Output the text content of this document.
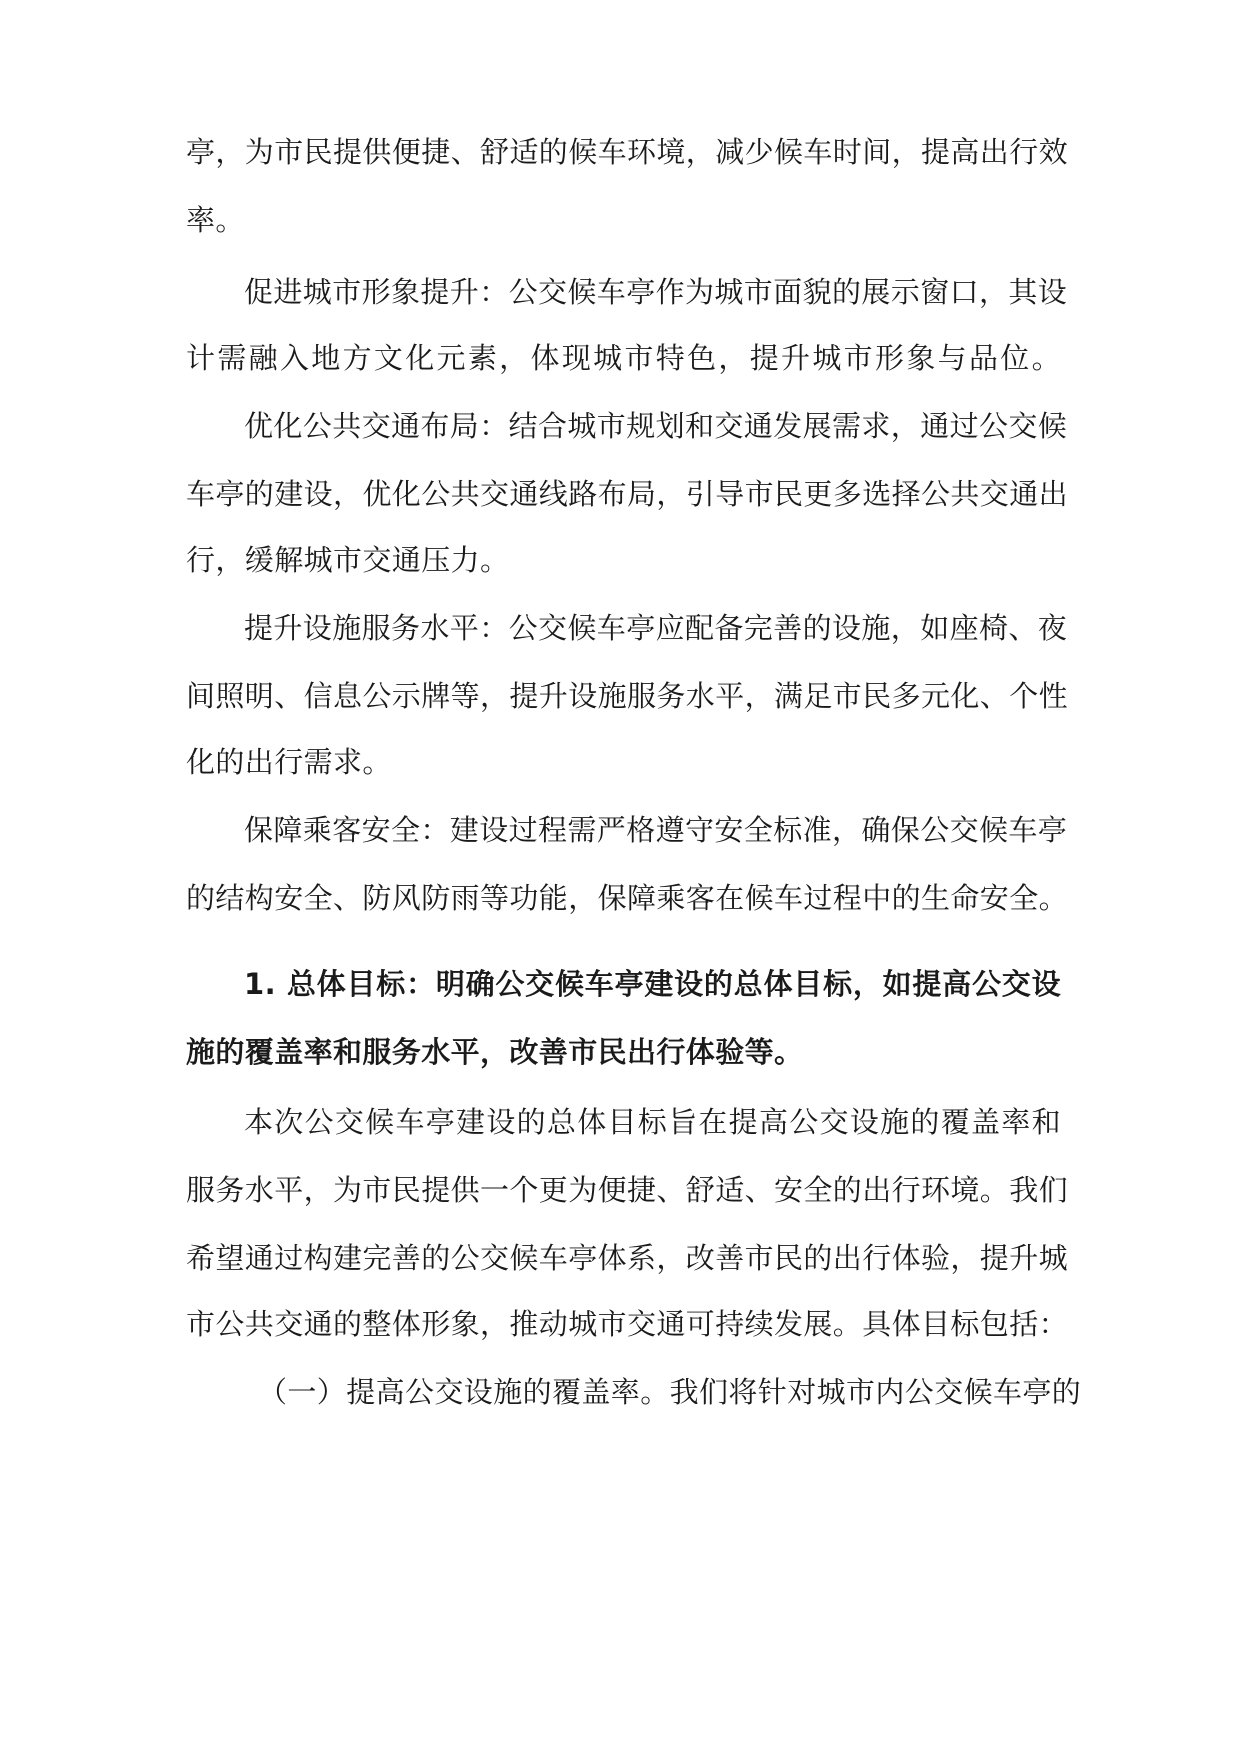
亭，为市民提供便捷、舒适的候车环境，减少候车时间，提高出行效
率。
促进城市形象提升：公交候车亭作为城市面貌的展示窗口，其设
计需融入地方文化元素，体现城市特色，提升城市形象与品位。
优化公共交通布局：结合城市规划和交通发展需求，通过公交候
车亭的建设，优化公共交通线路布局，引导市民更多选择公共交通出
行，缓解城市交通压力。
提升设施服务水平：公交候车亭应配备完善的设施，如座椅、夜
间照明、信息公示牌等，提升设施服务水平，满足市民多元化、个性
化的出行需求。
保障乘客安全：建设过程需严格遵守安全标准，确保公交候车亭
的结构安全、防风防雨等功能，保障乘客在候车过程中的生命安全。
1. 总体目标：明确公交候车亭建设的总体目标，如提高公交设
施的覆盖率和服务水平，改善市民出行体验等。
本次公交候车亭建设的总体目标旨在提高公交设施的覆盖率和
服务水平，为市民提供一个更为便捷、舒适、安全的出行环境。我们
希望通过构建完善的公交候车亭体系，改善市民的出行体验，提升城
市公共交通的整体形象，推动城市交通可持续发展。具体目标包括：
（一）提高公交设施的覆盖率。我们将针对城市内公交候车亭的
